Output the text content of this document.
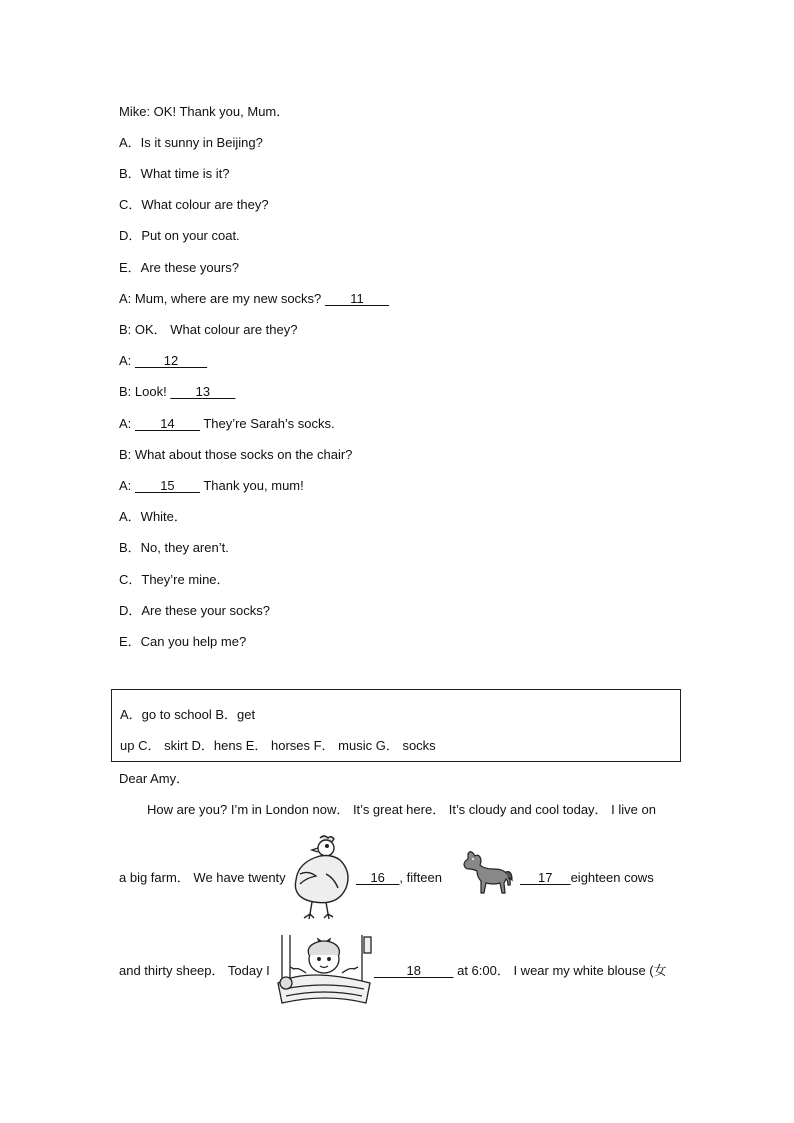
Mike: OK! Thank you, Mum．
A．Is it sunny in Beijing?
B．What time is it?
C．What colour are they?
D．Put on your coat.
E．Are these yours?
A: Mum, where are my new socks?        11
B: OK． What colour are they?
A:         12
B: Look!        13
A:        14        They’re Sarah’s socks.
B: What about those socks on the chair?
A:        15        Thank you, mum!
A．White．
B．No, they aren’t.
C．They’re mine．
D．Are these your socks?
E．Can you help me?
A．go to school B．get
up C． skirt D．hens E． horses F． music G． socks
Dear Amy．
How are you? I’m in London now． It’s great here． It’s cloudy and cool today． I live on
a big farm． We have twenty	16    , fifteen	17     eighteen cows
and thirty sheep． Today I	18          at 6:00． I wear my white blouse (女
